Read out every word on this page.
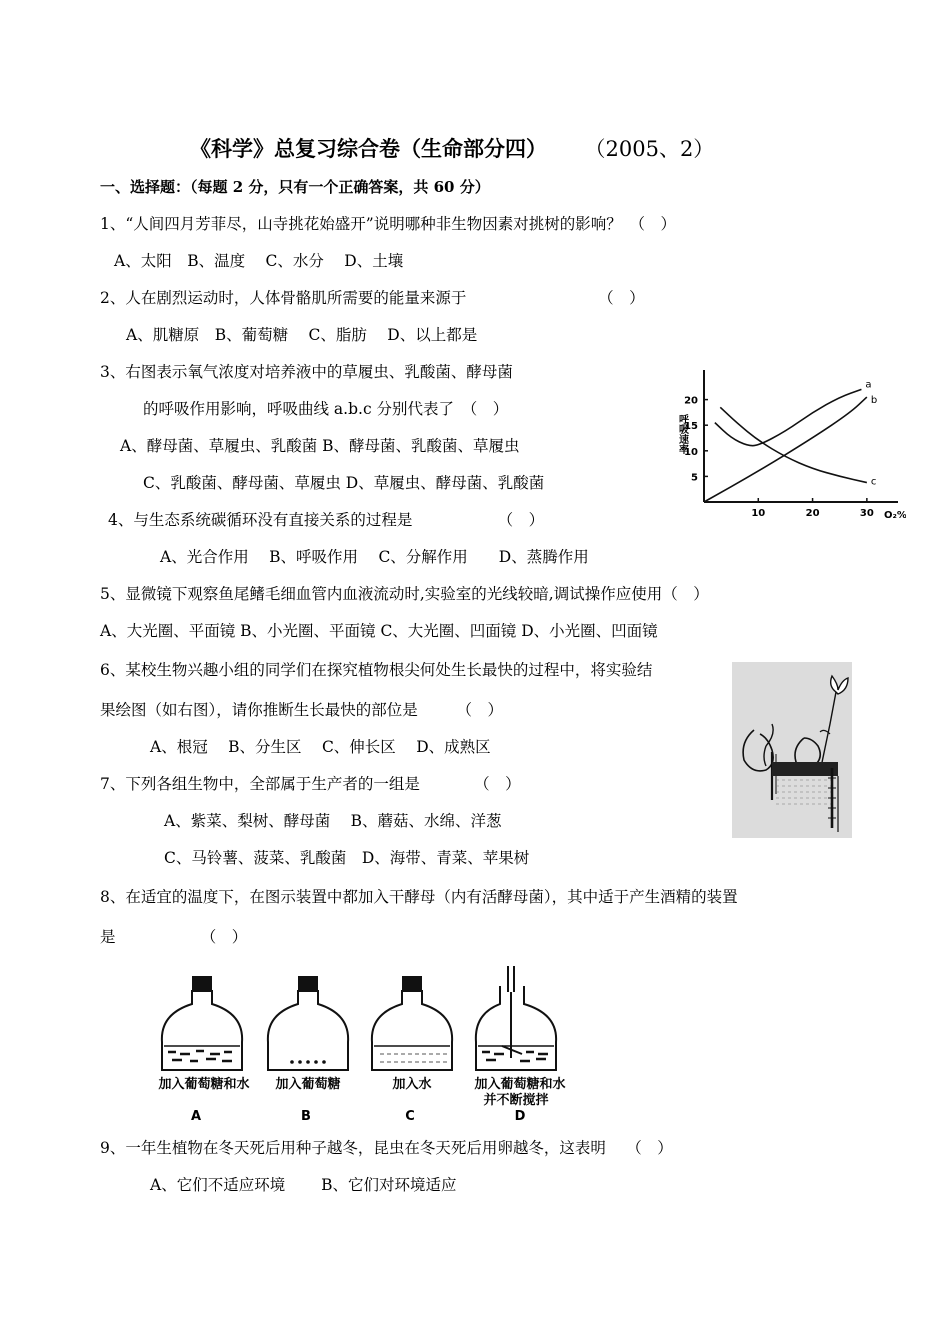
《科学》总复习综合卷（生命部分四） （2005、2）
一、选择题：（每题 2 分，只有一个正确答案，共 60 分）
1、“人间四月芳菲尽，山寺挑花始盛开”说明哪种非生物因素对挑树的影响？　（　）
A、太阳　B、温度　 C、水分　 D、土壤
2、人在剧烈运动时，人体骨骼肌所需要的能量来源于　　　　　　　　　（　）
A、肌糖原　B、葡萄糖　 C、脂肪　 D、以上都是
3、右图表示氧气浓度对培养液中的草履虫、乳酸菌、酵母菌
的呼吸作用影响，呼吸曲线 a.b.c 分别代表了　（　）
A、酵母菌、草履虫、乳酸菌 B、酵母菌、乳酸菌、草履虫
C、乳酸菌、酵母菌、草履虫 D、草履虫、酵母菌、乳酸菌
10	20	30
5
10
15
20
O₂%
呼吸速率
a
b
c
4、与生态系统碳循环没有直接关系的过程是　　　　　　（　）
A、光合作用　 B、呼吸作用　 C、分解作用　　D、蒸腾作用
5、显微镜下观察鱼尾鳍毛细血管内血液流动时,实验室的光线较暗,调试操作应使用（　）
A、大光圈、平面镜 B、小光圈、平面镜 C、大光圈、凹面镜 D、小光圈、凹面镜
6、某校生物兴趣小组的同学们在探究植物根尖何处生长最快的过程中，将实验结
果绘图（如右图），请你推断生长最快的部位是　　　（　）
A、根冠　 B、分生区　 C、伸长区　 D、成熟区
7、下列各组生物中，全部属于生产者的一组是　　　　（　）
A、紫菜、梨树、酵母菌　 B、蘑菇、水绵、洋葱
C、马铃薯、菠菜、乳酸菌　D、海带、青菜、苹果树
8、在适宜的温度下，在图示装置中都加入干酵母（内有活酵母菌），其中适于产生酒精的装置
是　　　　　　（　）
加入葡萄糖和水 加入葡萄糖	加入水	加入葡萄糖和水
并不断搅拌
A	B	C	D
9、一年生植物在冬天死后用种子越冬，昆虫在冬天死后用卵越冬，这表明　 （　）
A、它们不适应环境　　 B、它们对环境适应
